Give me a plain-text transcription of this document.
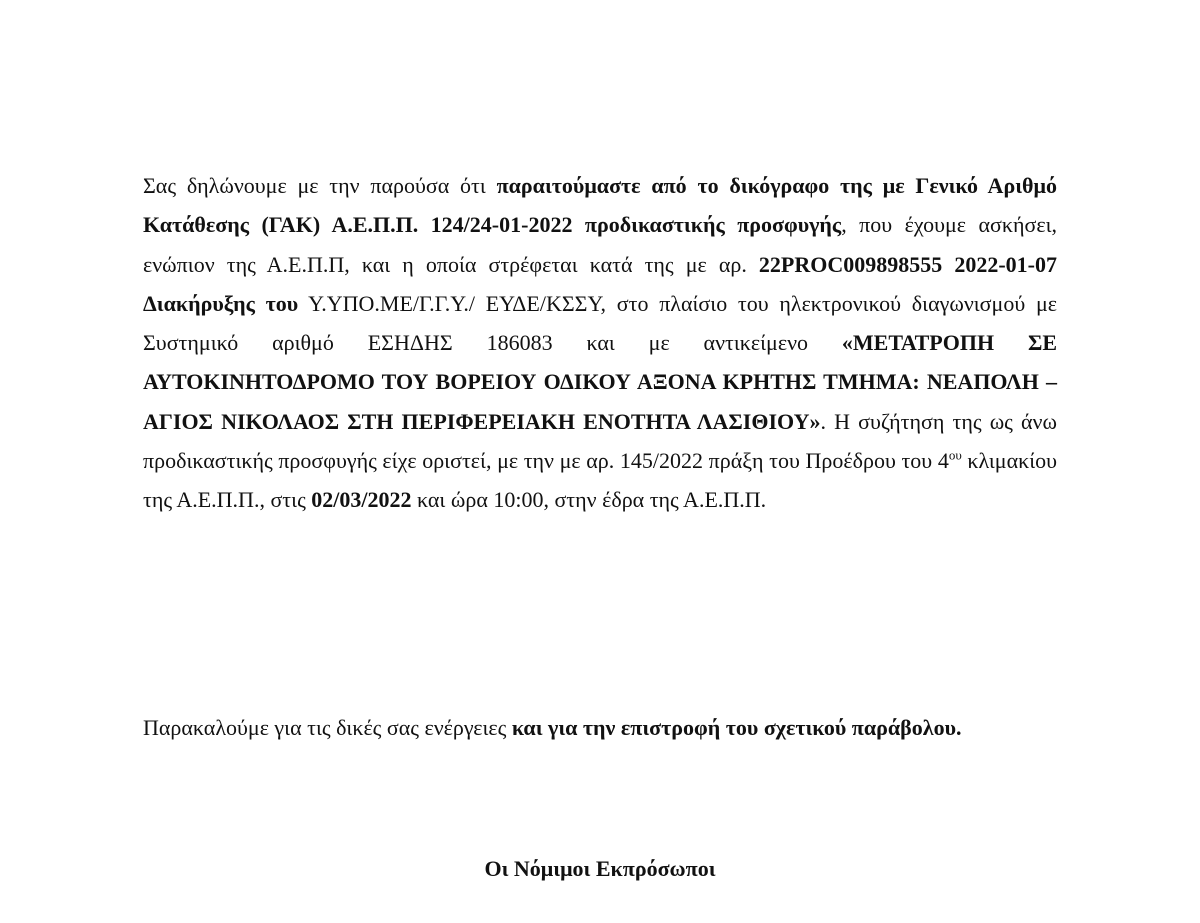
Σας δηλώνουμε με την παρούσα ότι παραιτούμαστε από το δικόγραφο της με Γενικό Αριθμό Κατάθεσης (ΓΑΚ) Α.Ε.Π.Π. 124/24-01-2022 προδικαστικής προσφυγής, που έχουμε ασκήσει, ενώπιον της Α.Ε.Π.Π, και η οποία στρέφεται κατά της με αρ. 22PROC009898555 2022-01-07 Διακήρυξης του Υ.ΥΠΟ.ΜΕ/Γ.Γ.Υ./ ΕΥΔΕ/ΚΣΣΥ, στο πλαίσιο του ηλεκτρονικού διαγωνισμού με Συστημικό αριθμό ΕΣΗΔΗΣ 186083 και με αντικείμενο «ΜΕΤΑΤΡΟΠΗ ΣΕ ΑΥΤΟΚΙΝΗΤΟΔΡΟΜΟ ΤΟΥ ΒΟΡΕΙΟΥ ΟΔΙΚΟΥ ΑΞΟΝΑ ΚΡΗΤΗΣ ΤΜΗΜΑ: ΝΕΑΠΟΛΗ –ΑΓΙΟΣ ΝΙΚΟΛΑΟΣ ΣΤΗ ΠΕΡΙΦΕΡΕΙΑΚΗ ΕΝΟΤΗΤΑ ΛΑΣΙΘΙΟΥ». Η συζήτηση της ως άνω προδικαστικής προσφυγής είχε οριστεί, με την με αρ. 145/2022 πράξη του Προέδρου του $4^{o\upsilon}$ κλιμακίου της Α.Ε.Π.Π., στις 02/03/2022 και ώρα 10:00, στην έδρα της Α.Ε.Π.Π.

Παρακαλούμε για τις δικές σας ενέργειες και για την επιστροφή του σχετικού παράβολου.

Οι Νόμιμοι Εκπρόσωποι
